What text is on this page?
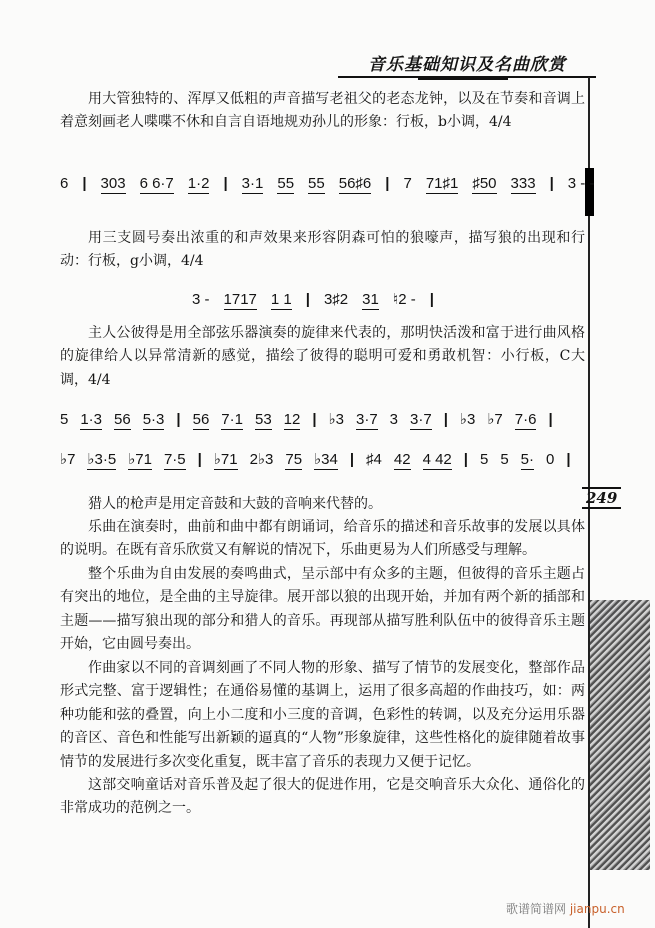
音乐基础知识及名曲欣赏
249
用大管独特的、浑厚又低粗的声音描写老祖父的老态龙钟，以及在节奏和音调上着意刻画老人喋喋不休和自言自语地规劝孙儿的形象：行板，b小调，4/4
6 | 303 6 6·7 1·2 | 3·1 55 55 56♯6 | 7 71♯1 ♯50 333 | 3 - -
用三支圆号奏出浓重的和声效果来形容阴森可怕的狼嚎声，描写狼的出现和行动：行板，g小调，4/4
3 - 1717 1 1 | 3♯2 31 ♮2 - |
主人公彼得是用全部弦乐器演奏的旋律来代表的，那明快活泼和富于进行曲风格的旋律给人以异常清新的感觉，描绘了彼得的聪明可爱和勇敢机智：小行板，C大调，4/4
5 1·3 56 5·3 | 56 7·1 53 12 | ♭3 3·7 3 3·7 | ♭3 ♭7 7·6 |
♭7 ♭3·5 ♭71 7·5 | ♭71 2♭3 75 ♭34 | ♯4 42 4 42 | 5 5 5· 0 |
猎人的枪声是用定音鼓和大鼓的音响来代替的。
乐曲在演奏时，曲前和曲中都有朗诵词，给音乐的描述和音乐故事的发展以具体的说明。在既有音乐欣赏又有解说的情况下，乐曲更易为人们所感受与理解。
整个乐曲为自由发展的奏鸣曲式，呈示部中有众多的主题，但彼得的音乐主题占有突出的地位，是全曲的主导旋律。展开部以狼的出现开始，并加有两个新的插部和主题——描写狼出现的部分和猎人的音乐。再现部从描写胜利队伍中的彼得音乐主题开始，它由圆号奏出。
作曲家以不同的音调刻画了不同人物的形象、描写了情节的发展变化，整部作品形式完整、富于逻辑性；在通俗易懂的基调上，运用了很多高超的作曲技巧，如：两种功能和弦的叠置，向上小二度和小三度的音调，色彩性的转调，以及充分运用乐器的音区、音色和性能写出新颖的逼真的“人物”形象旋律，这些性格化的旋律随着故事情节的发展进行多次变化重复，既丰富了音乐的表现力又便于记忆。
这部交响童话对音乐普及起了很大的促进作用，它是交响音乐大众化、通俗化的非常成功的范例之一。
歌谱简谱网 jianpu.cn
